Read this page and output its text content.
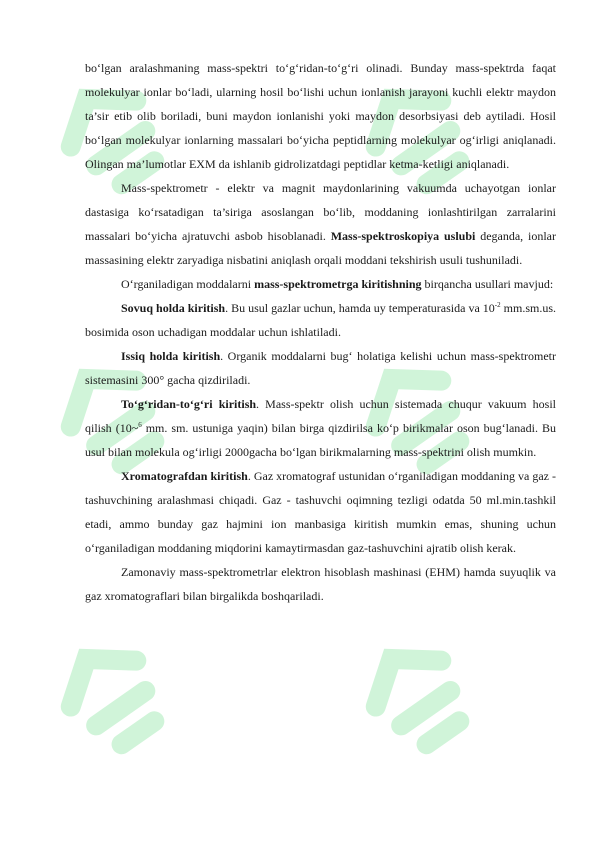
bo‘lgan aralashmaning mass-spektri to‘g‘ridan-to‘g‘ri olinadi. Bunday mass-spektrda faqat molekulyar ionlar bo‘ladi, ularning hosil bo‘lishi uchun ionlanish jarayoni kuchli elektr maydon ta’sir etib olib boriladi, buni maydon ionlanishi yoki maydon desorbsiyasi deb aytiladi. Hosil bo‘lgan molekulyar ionlarning massalari bo‘yicha peptidlarning molekulyar og‘irligi aniqlanadi. Olingan ma’lumotlar EXM da ishlanib gidrolizatdagi peptidlar ketma-ketligi aniqlanadi.

Mass-spektrometr - elektr va magnit maydonlarining vakuumda uchayotgan ionlar dastasiga ko‘rsatadigan ta’siriga asoslangan bo‘lib, moddaning ionlashtirilgan zarralarini massalari bo‘yicha ajratuvchi asbob hisoblanadi. Mass-spektroskopiya uslubi deganda, ionlar massasining elektr zaryadiga nisbatini aniqlash orqali moddani tekshirish usuli tushuniladi.

O‘rganiladigan moddalarni mass-spektrometrga kiritishning birqancha usullari mavjud:

Sovuq holda kiritish. Bu usul gazlar uchun, hamda uy temperaturasida va $10^{-2}$ mm.sm.us. bosimida oson uchadigan moddalar uchun ishlatiladi.

Issiq holda kiritish. Organik moddalarni bug‘ holatiga kelishi uchun mass-spektrometr sistemasini 300° gacha qizdiriladi.

To‘g‘ridan-to‘g‘ri kiritish. Mass-spektr olish uchun sistemada chuqur vakuum hosil qilish (10~$^6$ mm. sm. ustuniga yaqin) bilan birga qizdirilsa ko‘p birikmalar oson bug‘lanadi. Bu usul bilan molekula og‘irligi 2000gacha bo‘lgan birikmalarning mass-spektrini olish mumkin.

Xromatografdan kiritish. Gaz xromatograf ustunidan o‘rganiladigan moddaning va gaz - tashuvchining aralashmasi chiqadi. Gaz - tashuvchi oqimning tezligi odatda 50 ml.min.tashkil etadi, ammo bunday gaz hajmini ion manbasiga kiritish mumkin emas, shuning uchun o‘rganiladigan moddaning miqdorini kamaytirmasdan gaz-tashuvchini ajratib olish kerak.

Zamonaviy mass-spektrometrlar elektron hisoblash mashinasi (EHM) hamda suyuqlik va gaz xromatograflari bilan birgalikda boshqariladi.
